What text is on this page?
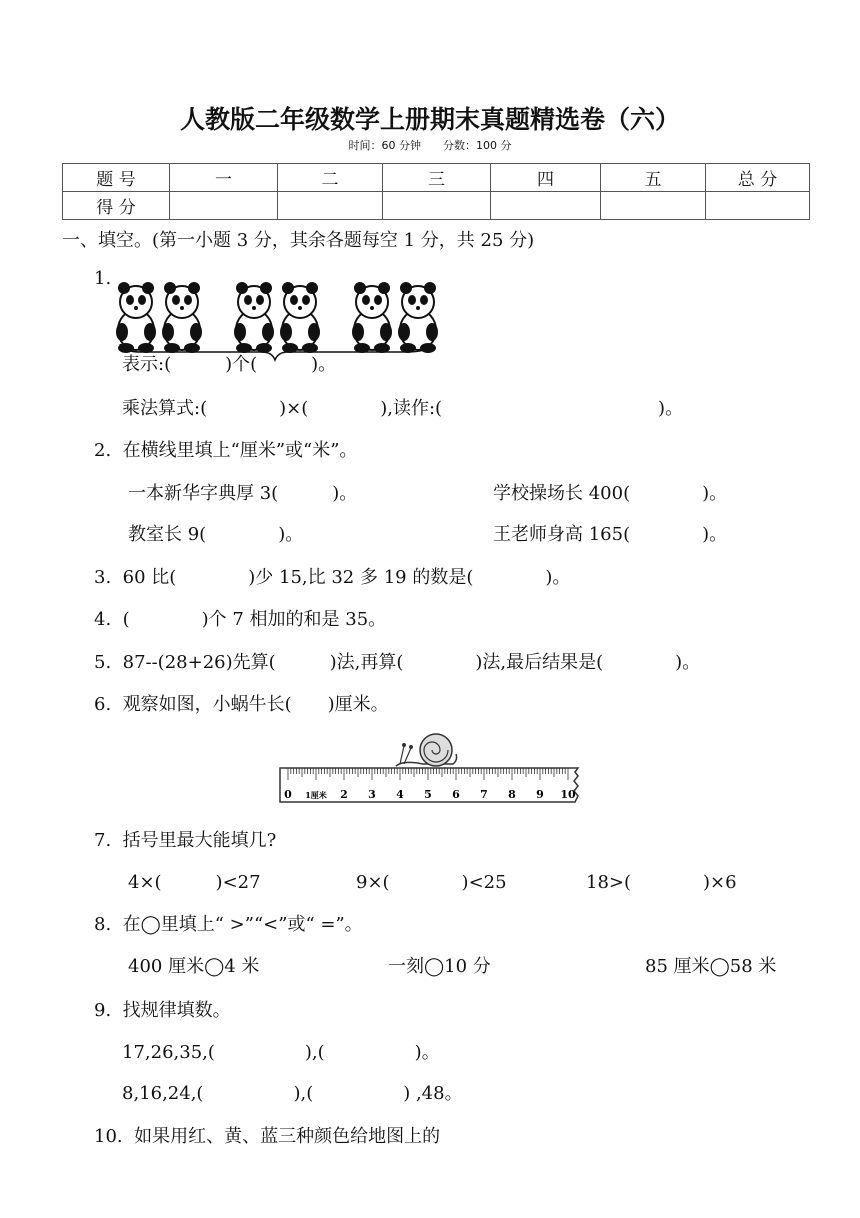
人教版二年级数学上册期末真题精选卷（六）
时间：60 分钟　　分数：100 分
题 号	一	二	三	四	五	总 分
得 分						
一、填空。(第一小题 3 分，其余各题每空 1 分，共 25 分)
1.
表示:(　　　)个(　　　)。
乘法算式:(　　　　)×(　　　　),读作:(　　　　　　　　　　　　)。
2.  在横线里填上“厘米”或“米”。
一本新华字典厚 3(　　　)。	学校操场长 400(　　　　)。
教室长 9(　　　　)。	王老师身高 165(　　　　)。
3.  60 比(　　　　)少 15,比 32 多 19 的数是(　　　　)。
4.  (　　　　)个 7 相加的和是 35。
5.  87--(28+26)先算(　　　)法,再算(　　　　)法,最后结果是(　　　　)。
6.  观察如图，小蜗牛长(　　)厘米。
0 1厘米 2 3 4 5 6 7 8 9 10
7.  括号里最大能填几?
4×(　　　)<27	9×(　　　　)<25	18>(　　　　)×6
8.  在◯里填上“ >”“<”或“ =”。
400 厘米◯4 米	一刻◯10 分	85 厘米◯58 米
9.  找规律填数。
17,26,35,(　　　　　),(　　　　　)。
8,16,24,(　　　　　),(　　　　　) ,48。
10.  如果用红、黄、蓝三种颜色给地图上的
